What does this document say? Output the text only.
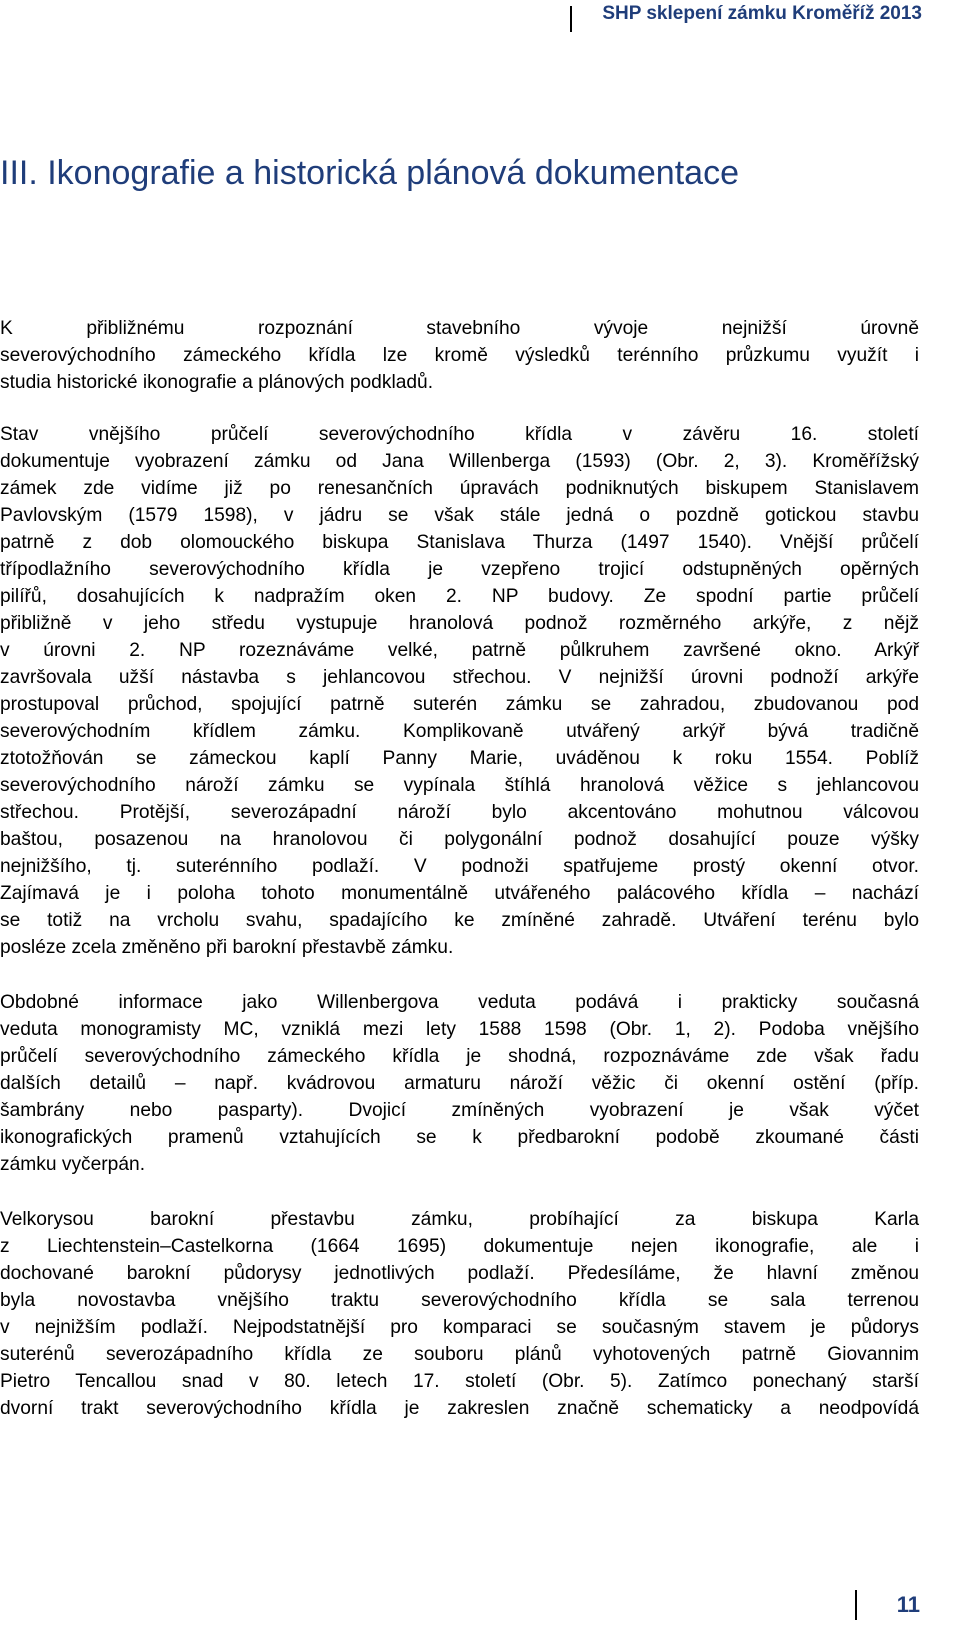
SHP sklepení zámku Kroměříž 2013
III. Ikonografie a historická plánová dokumentace

K přibližnému rozpoznání stavebního vývoje nejnižší úrovně
severovýchodního zámeckého křídla lze kromě výsledků terénního průzkumu využít i
studia historické ikonografie a plánových podkladů.

Stav vnějšího průčelí severovýchodního křídla v závěru 16. století
dokumentuje vyobrazení zámku od Jana Willenberga (1593) (Obr. 2, 3). Kroměřížský
zámek zde vidíme již po renesančních úpravách podniknutých biskupem Stanislavem
Pavlovským (1579 1598), v jádru se však stále jedná o pozdně gotickou stavbu
patrně z dob olomouckého biskupa Stanislava Thurza (1497 1540). Vnější průčelí
třípodlažního severovýchodního křídla je vzepřeno trojicí odstupněných opěrných
pilířů, dosahujících k nadpražím oken 2. NP budovy. Ze spodní partie průčelí
přibližně v jeho středu vystupuje hranolová podnož rozměrného arkýře, z nějž
v úrovni 2. NP rozeznáváme velké, patrně půlkruhem završené okno. Arkýř
završovala užší nástavba s jehlancovou střechou. V nejnižší úrovni podnoží arkýře
prostupoval průchod, spojující patrně suterén zámku se zahradou, zbudovanou pod
severovýchodním křídlem zámku. Komplikovaně utvářený arkýř bývá tradičně
ztotožňován se zámeckou kaplí Panny Marie, uváděnou k roku 1554. Poblíž
severovýchodního nároží zámku se vypínala štíhlá hranolová věžice s jehlancovou
střechou. Protější, severozápadní nároží bylo akcentováno mohutnou válcovou
baštou, posazenou na hranolovou či polygonální podnož dosahující pouze výšky
nejnižšího, tj. suterénního podlaží. V podnoži spatřujeme prostý okenní otvor.
Zajímavá je i poloha tohoto monumentálně utvářeného palácového křídla – nachází
se totiž na vrcholu svahu, spadajícího ke zmíněné zahradě. Utváření terénu bylo
posléze zcela změněno při barokní přestavbě zámku.

Obdobné informace jako Willenbergova veduta podává i prakticky současná
veduta monogramisty MC, vzniklá mezi lety 1588 1598 (Obr. 1, 2). Podoba vnějšího
průčelí severovýchodního zámeckého křídla je shodná, rozpoznáváme zde však řadu
dalších detailů – např. kvádrovou armaturu nároží věžic či okenní ostění (příp.
šambrány nebo pasparty). Dvojicí zmíněných vyobrazení je však výčet
ikonografických pramenů vztahujících se k předbarokní podobě zkoumané části
zámku vyčerpán.

Velkorysou barokní přestavbu zámku, probíhající za biskupa Karla
z Liechtenstein–Castelkorna (1664 1695) dokumentuje nejen ikonografie, ale i
dochované barokní půdorysy jednotlivých podlaží. Předesíláme, že hlavní změnou
byla novostavba vnějšího traktu severovýchodního křídla se sala terrenou
v nejnižším podlaží. Nejpodstatnější pro komparaci se současným stavem je půdorys
suterénů severozápadního křídla ze souboru plánů vyhotovených patrně Giovannim
Pietro Tencallou snad v 80. letech 17. století (Obr. 5). Zatímco ponechaný starší
dvorní trakt severovýchodního křídla je zakreslen značně schematicky a neodpovídá

11
